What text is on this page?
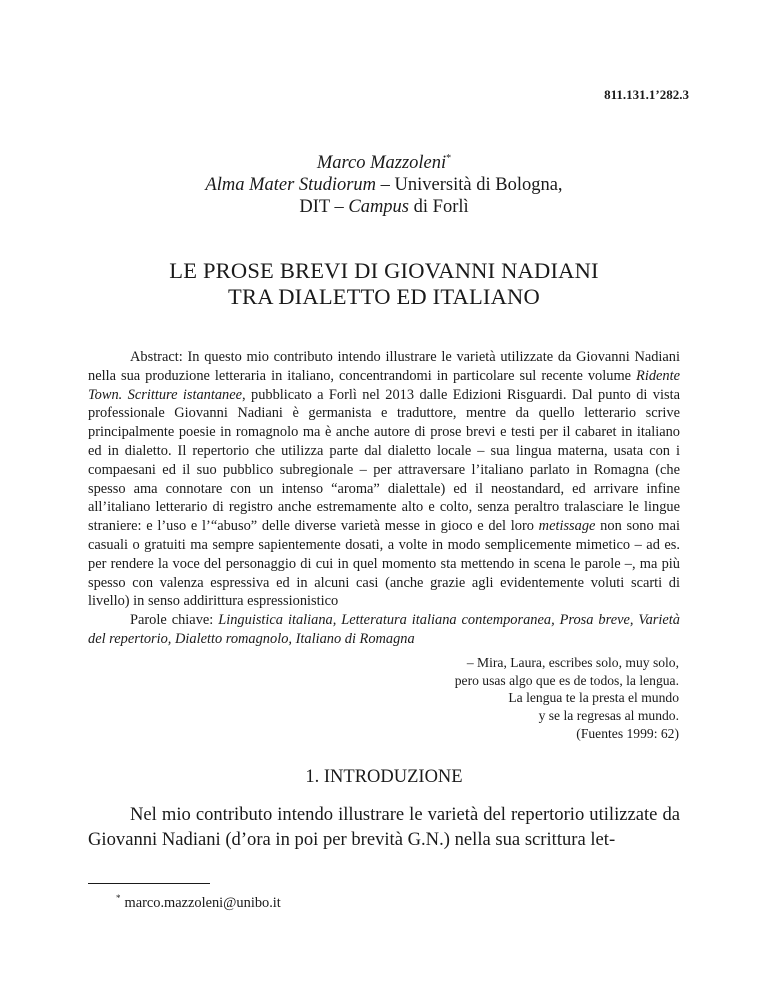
811.131.1’282.3
Marco Mazzoleni*
Alma Mater Studiorum – Università di Bologna,
DIT – Campus di Forlì
LE PROSE BREVI DI GIOVANNI NADIANI
TRA DIALETTO ED ITALIANO

Abstract: In questo mio contributo intendo illustrare le varietà utilizzate da Giovanni Nadiani nella sua produzione letteraria in italiano, concentrandomi in particolare sul recente volume Ridente Town. Scritture istantanee, pubblicato a Forlì nel 2013 dalle Edizioni Risguardi. Dal punto di vista professionale Giovanni Nadiani è germanista e traduttore, mentre da quello letterario scrive principalmente poesie in romagnolo ma è anche autore di prose brevi e testi per il cabaret in italiano ed in dialetto. Il repertorio che utilizza parte dal dialetto locale – sua lingua materna, usata con i compaesani ed il suo pubblico subregionale – per attraversare l’italiano parlato in Romagna (che spesso ama connotare con un intenso “aroma” dialettale) ed il neostandard, ed arrivare infine all’italiano letterario di registro anche estremamente alto e colto, senza peraltro tralasciare le lingue straniere: e l’uso e l’“abuso” delle diverse varietà messe in gioco e del loro metissage non sono mai casuali o gratuiti ma sempre sapientemente dosati, a volte in modo semplicemente mimetico – ad es. per rendere la voce del personaggio di cui in quel momento sta mettendo in scena le parole –, ma più spesso con valenza espressiva ed in alcuni casi (anche grazie agli evidentemente voluti scarti di livello) in senso addirittura espressionistico

Parole chiave: Linguistica italiana, Letteratura italiana contemporanea, Prosa breve, Varietà del repertorio, Dialetto romagnolo, Italiano di Romagna

– Mira, Laura, escribes solo, muy solo,
pero usas algo que es de todos, la lengua.
La lengua te la presta el mundo
y se la regresas al mundo.
(Fuentes 1999: 62)
1. INTRODUZIONE

Nel mio contributo intendo illustrare le varietà del repertorio utilizzate da Giovanni Nadiani (d’ora in poi per brevità G.N.) nella sua scrittura let-

* marco.mazzoleni@unibo.it
